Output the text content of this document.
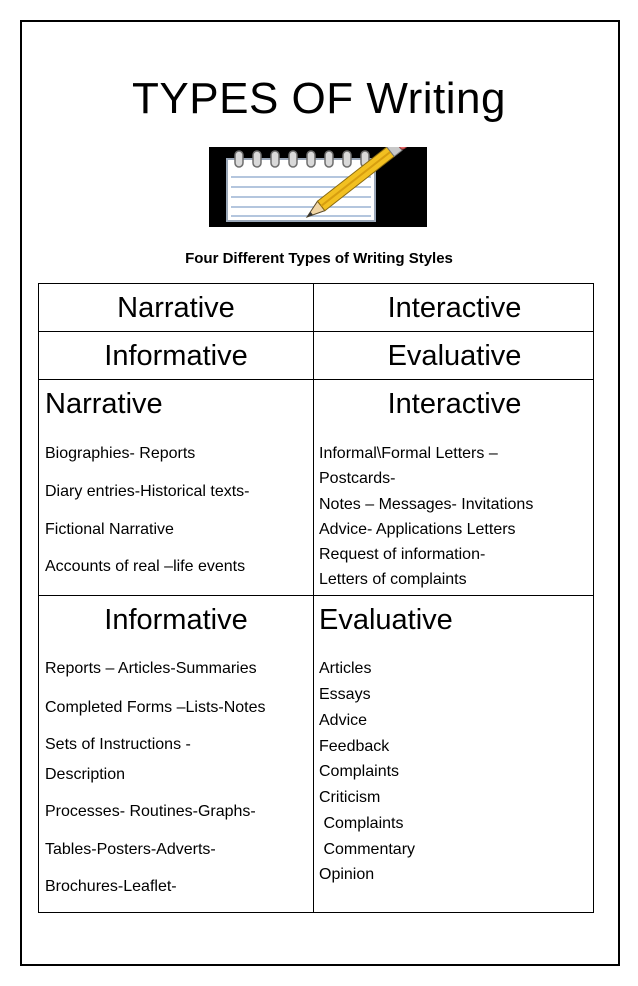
TYPES OF Writing
Four Different Types of Writing Styles
Narrative	Interactive
Informative	Evaluative
Narrative
Biographies- Reports
Diary entries-Historical texts-
Fictional Narrative
Accounts of real –life events
Interactive
Informal\Formal Letters –
Postcards-
Notes – Messages- Invitations
Advice- Applications Letters
Request of information-
Letters of complaints
Informative
Reports – Articles-Summaries
Completed Forms –Lists-Notes
Sets of Instructions -
Description
Processes- Routines-Graphs-
Tables-Posters-Adverts-
Brochures-Leaflet-
Evaluative

Articles

Essays

Advice

Feedback

Complaints

Criticism

Complaints

Commentary

Opinion
